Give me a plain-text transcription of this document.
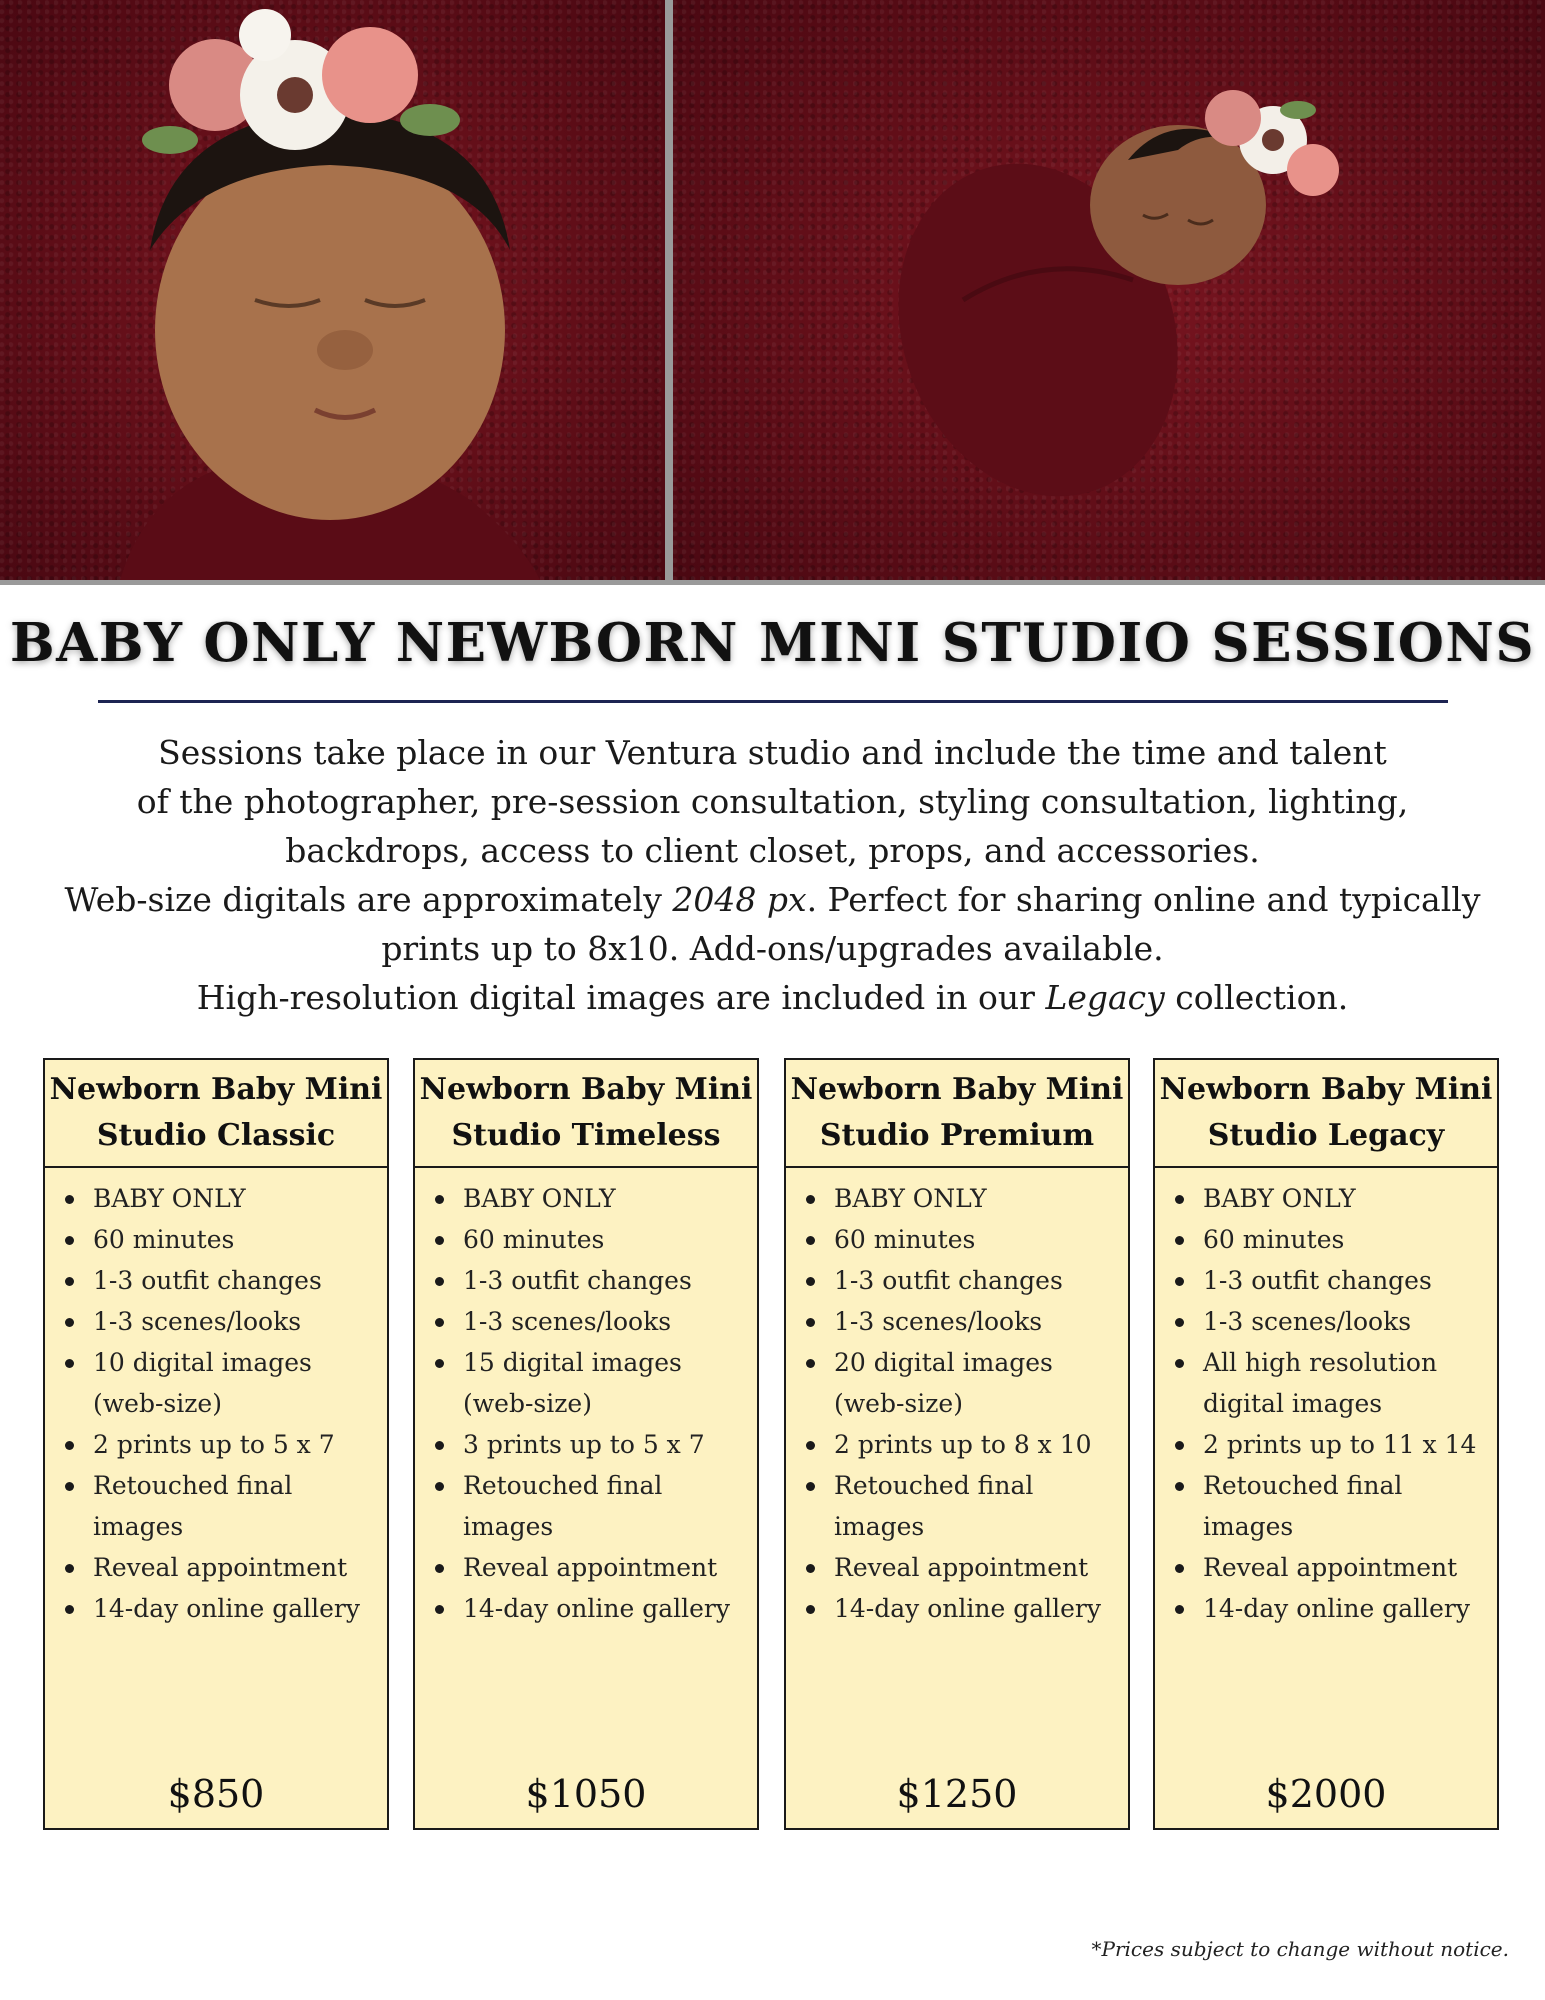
BABY ONLY NEWBORN MINI STUDIO SESSIONS
Sessions take place in our Ventura studio and include the time and talent
of the photographer, pre-session consultation, styling consultation, lighting,
backdrops, access to client closet, props, and accessories.
Web-size digitals are approximately 2048 px. Perfect for sharing online and typically
prints up to 8x10. Add-ons/upgrades available.
High-resolution digital images are included in our Legacy collection.
Newborn Baby Mini
Studio Classic
BABY ONLY
60 minutes
1-3 outfit changes
1-3 scenes/looks
10 digital images (web-size)
2 prints up to 5 x 7
Retouched final images
Reveal appointment
14-day online gallery
$850
Newborn Baby Mini
Studio Timeless
BABY ONLY
60 minutes
1-3 outfit changes
1-3 scenes/looks
15 digital images (web-size)
3 prints up to 5 x 7
Retouched final images
Reveal appointment
14-day online gallery
$1050
Newborn Baby Mini
Studio Premium
BABY ONLY
60 minutes
1-3 outfit changes
1-3 scenes/looks
20 digital images (web-size)
2 prints up to 8 x 10
Retouched final images
Reveal appointment
14-day online gallery
$1250
Newborn Baby Mini
Studio Legacy
BABY ONLY
60 minutes
1-3 outfit changes
1-3 scenes/looks
All high resolution digital images
2 prints up to 11 x 14
Retouched final images
Reveal appointment
14-day online gallery
$2000
*Prices subject to change without notice.
